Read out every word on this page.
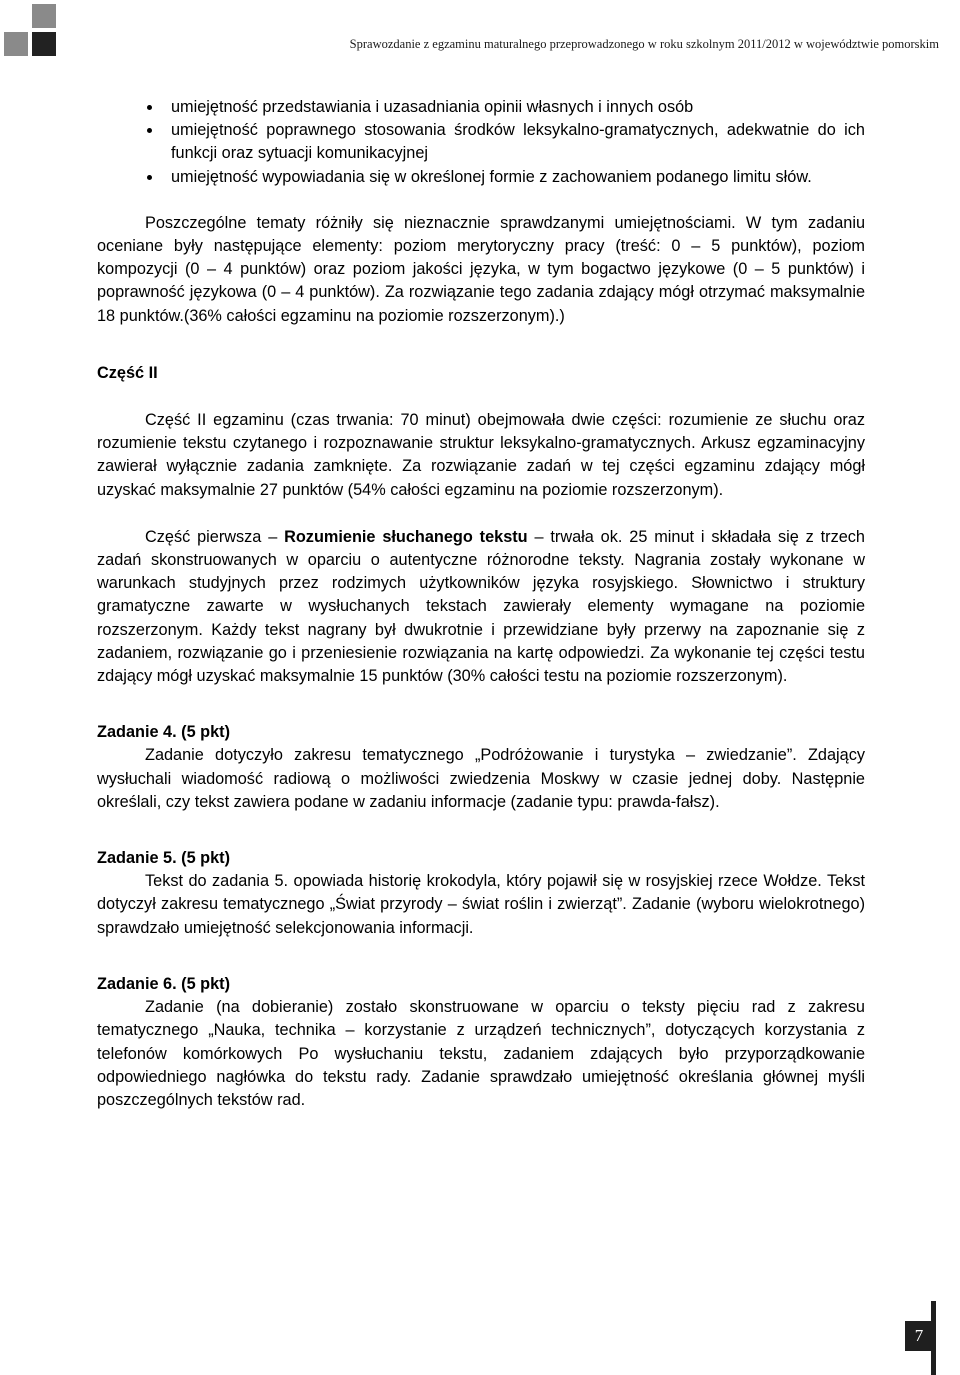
Sprawozdanie z egzaminu maturalnego przeprowadzonego w roku szkolnym 2011/2012 w województwie pomorskim
umiejętność przedstawiania i uzasadniania opinii własnych i innych osób
umiejętność poprawnego stosowania środków leksykalno-gramatycznych, adekwatnie do ich funkcji oraz sytuacji komunikacyjnej
umiejętność wypowiadania się w określonej formie z zachowaniem podanego limitu słów.

Poszczególne tematy różniły się nieznacznie sprawdzanymi umiejętnościami. W tym zadaniu oceniane były następujące elementy: poziom merytoryczny pracy (treść: 0 – 5 punktów), poziom kompozycji (0 – 4 punktów) oraz poziom jakości języka, w tym bogactwo językowe (0 – 5 punktów) i poprawność językowa (0 – 4 punktów). Za rozwiązanie tego zadania zdający mógł otrzymać maksymalnie 18 punktów.(36% całości egzaminu na poziomie rozszerzonym).)

Część II

Część II egzaminu (czas trwania: 70 minut) obejmowała dwie części: rozumienie ze słuchu oraz rozumienie tekstu czytanego i rozpoznawanie struktur leksykalno-gramatycznych. Arkusz egzaminacyjny zawierał wyłącznie zadania zamknięte. Za rozwiązanie zadań w tej części egzaminu zdający mógł uzyskać maksymalnie 27 punktów (54% całości egzaminu na poziomie rozszerzonym).

Część pierwsza – Rozumienie słuchanego tekstu – trwała ok. 25 minut i składała się z trzech zadań skonstruowanych w oparciu o autentyczne różnorodne teksty. Nagrania zostały wykonane w warunkach studyjnych przez rodzimych użytkowników języka rosyjskiego. Słownictwo i struktury gramatyczne zawarte w wysłuchanych tekstach zawierały elementy wymagane na poziomie rozszerzonym. Każdy tekst nagrany był dwukrotnie i przewidziane były przerwy na zapoznanie się z zadaniem, rozwiązanie go i przeniesienie rozwiązania na kartę odpowiedzi. Za wykonanie tej części testu zdający mógł uzyskać maksymalnie 15 punktów (30% całości testu na poziomie rozszerzonym).

Zadanie 4. (5 pkt)

Zadanie dotyczyło zakresu tematycznego „Podróżowanie i turystyka – zwiedzanie”. Zdający wysłuchali wiadomość radiową o możliwości zwiedzenia Moskwy w czasie jednej doby. Następnie określali, czy tekst zawiera podane w zadaniu informacje (zadanie typu: prawda-fałsz).

Zadanie 5. (5 pkt)

Tekst do zadania 5. opowiada historię krokodyla, który pojawił się w rosyjskiej rzece Wołdze. Tekst dotyczył zakresu tematycznego „Świat przyrody – świat roślin i zwierząt”. Zadanie (wyboru wielokrotnego) sprawdzało umiejętność selekcjonowania informacji.

Zadanie 6. (5 pkt)

Zadanie (na dobieranie) zostało skonstruowane w oparciu o teksty pięciu rad z zakresu tematycznego „Nauka, technika – korzystanie z urządzeń technicznych”, dotyczących korzystania z telefonów komórkowych Po wysłuchaniu tekstu, zadaniem zdających było przyporządkowanie odpowiedniego nagłówka do tekstu rady. Zadanie sprawdzało umiejętność określania głównej myśli poszczególnych tekstów rad.

7
